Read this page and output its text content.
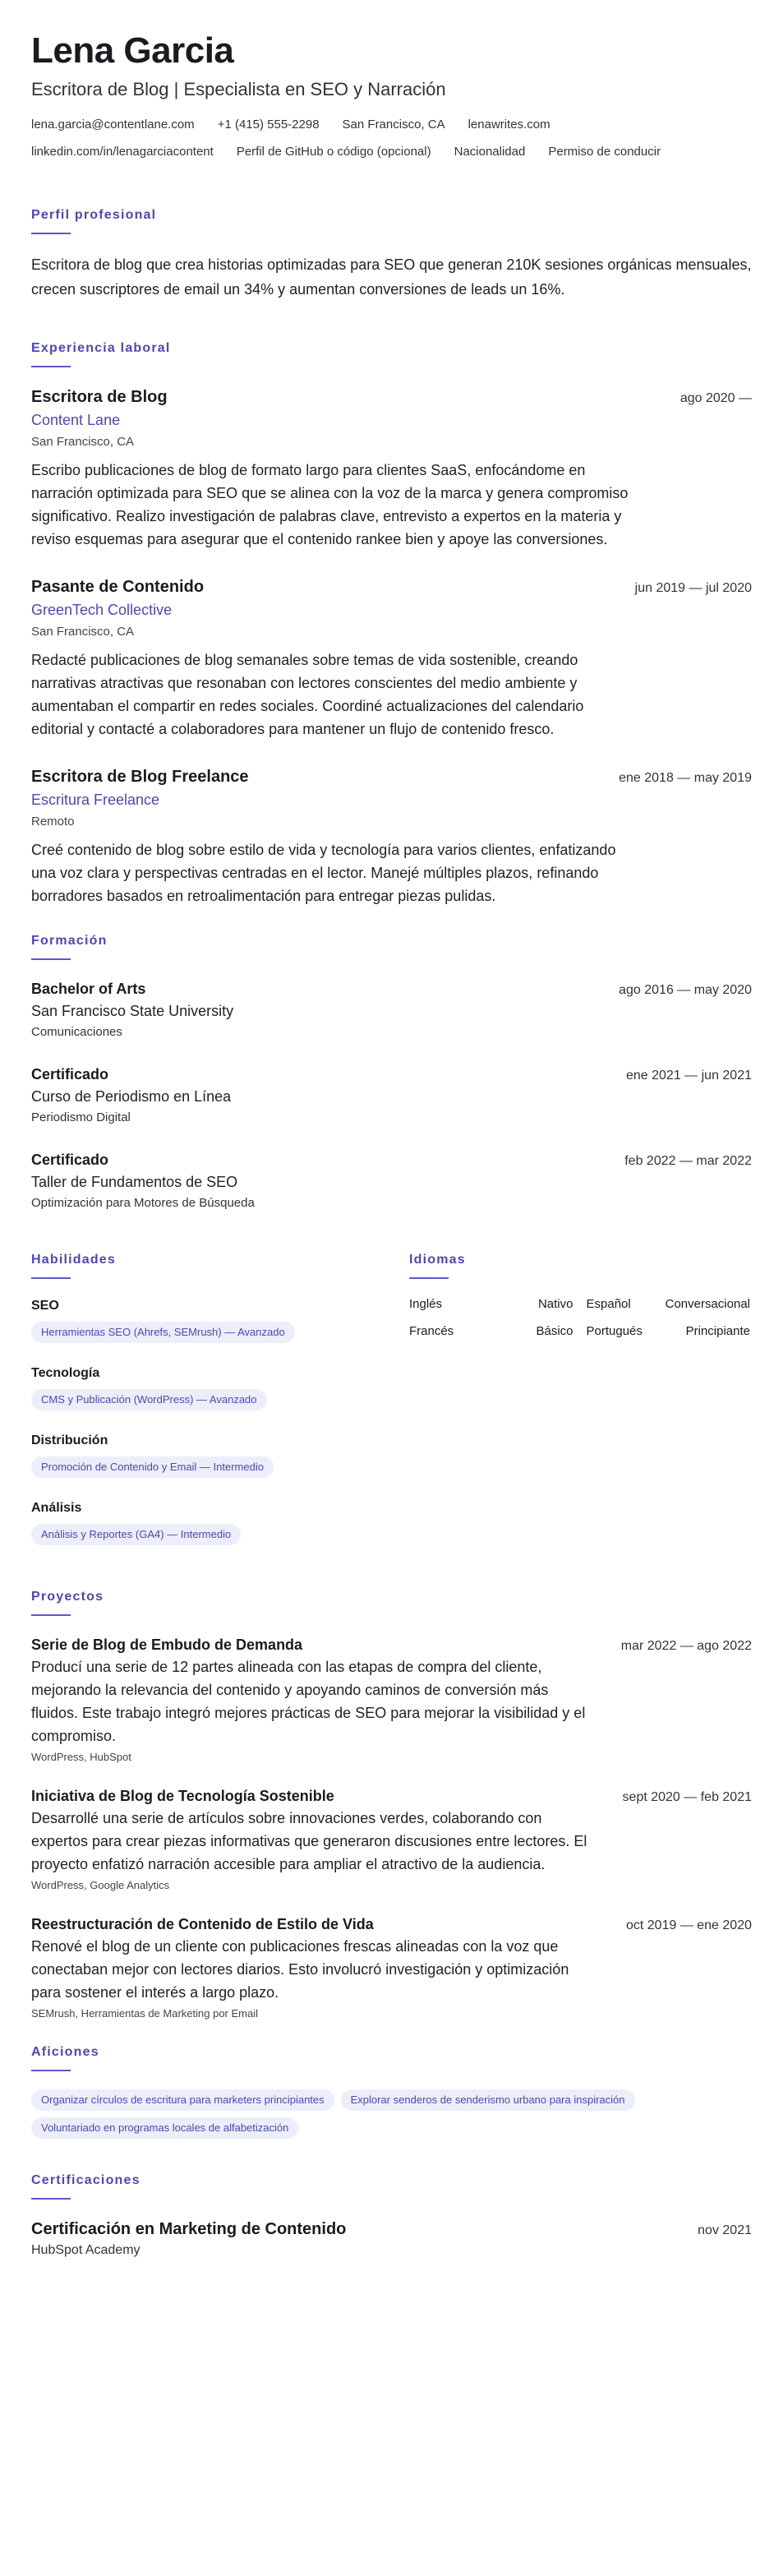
Lena Garcia
Escritora de Blog | Especialista en SEO y Narración
lena.garcia@contentlane.com +1 (415) 555-2298 San Francisco, CA lenawrites.com
linkedin.com/in/lenagarciacontent Perfil de GitHub o código (opcional) Nacionalidad Permiso de conducir
Perfil profesional

Escritora de blog que crea historias optimizadas para SEO que generan 210K sesiones orgánicas mensuales, crecen suscriptores de email un 34% y aumentan conversiones de leads un 16%.

Experiencia laboral
Escritora de Blog	ago 2020 —
Content Lane
San Francisco, CA

Escribo publicaciones de blog de formato largo para clientes SaaS, enfocándome en narración optimizada para SEO que se alinea con la voz de la marca y genera compromiso significativo. Realizo investigación de palabras clave, entrevisto a expertos en la materia y reviso esquemas para asegurar que el contenido rankee bien y apoye las conversiones.

Pasante de Contenido	jun 2019 — jul 2020
GreenTech Collective
San Francisco, CA

Redacté publicaciones de blog semanales sobre temas de vida sostenible, creando narrativas atractivas que resonaban con lectores conscientes del medio ambiente y aumentaban el compartir en redes sociales. Coordiné actualizaciones del calendario editorial y contacté a colaboradores para mantener un flujo de contenido fresco.

Escritora de Blog Freelance	ene 2018 — may 2019
Escritura Freelance
Remoto

Creé contenido de blog sobre estilo de vida y tecnología para varios clientes, enfatizando una voz clara y perspectivas centradas en el lector. Manejé múltiples plazos, refinando borradores basados en retroalimentación para entregar piezas pulidas.

Formación
Bachelor of Arts	ago 2016 — may 2020
San Francisco State University
Comunicaciones
Certificado	ene 2021 — jun 2021
Curso de Periodismo en Línea
Periodismo Digital
Certificado	feb 2022 — mar 2022
Taller de Fundamentos de SEO
Optimización para Motores de Búsqueda
Habilidades
SEO
Herramientas SEO (Ahrefs, SEMrush) — Avanzado
Tecnología
CMS y Publicación (WordPress) — Avanzado
Distribución
Promoción de Contenido y Email — Intermedio
Análisis
Análisis y Reportes (GA4) — Intermedio
Idiomas
Inglés	Nativo Español	Conversacional
Francés	Básico Portugués	Principiante
Proyectos
Serie de Blog de Embudo de Demanda	mar 2022 — ago 2022

Producí una serie de 12 partes alineada con las etapas de compra del cliente, mejorando la relevancia del contenido y apoyando caminos de conversión más fluidos. Este trabajo integró mejores prácticas de SEO para mejorar la visibilidad y el compromiso.

WordPress, HubSpot
Iniciativa de Blog de Tecnología Sostenible	sept 2020 — feb 2021

Desarrollé una serie de artículos sobre innovaciones verdes, colaborando con expertos para crear piezas informativas que generaron discusiones entre lectores. El proyecto enfatizó narración accesible para ampliar el atractivo de la audiencia.

WordPress, Google Analytics
Reestructuración de Contenido de Estilo de Vida	oct 2019 — ene 2020

Renové el blog de un cliente con publicaciones frescas alineadas con la voz que conectaban mejor con lectores diarios. Esto involucró investigación y optimización para sostener el interés a largo plazo.

SEMrush, Herramientas de Marketing por Email
Aficiones
Organizar círculos de escritura para marketers principiantes	Explorar senderos de senderismo urbano para inspiración
Voluntariado en programas locales de alfabetización
Certificaciones
Certificación en Marketing de Contenido	nov 2021
HubSpot Academy
